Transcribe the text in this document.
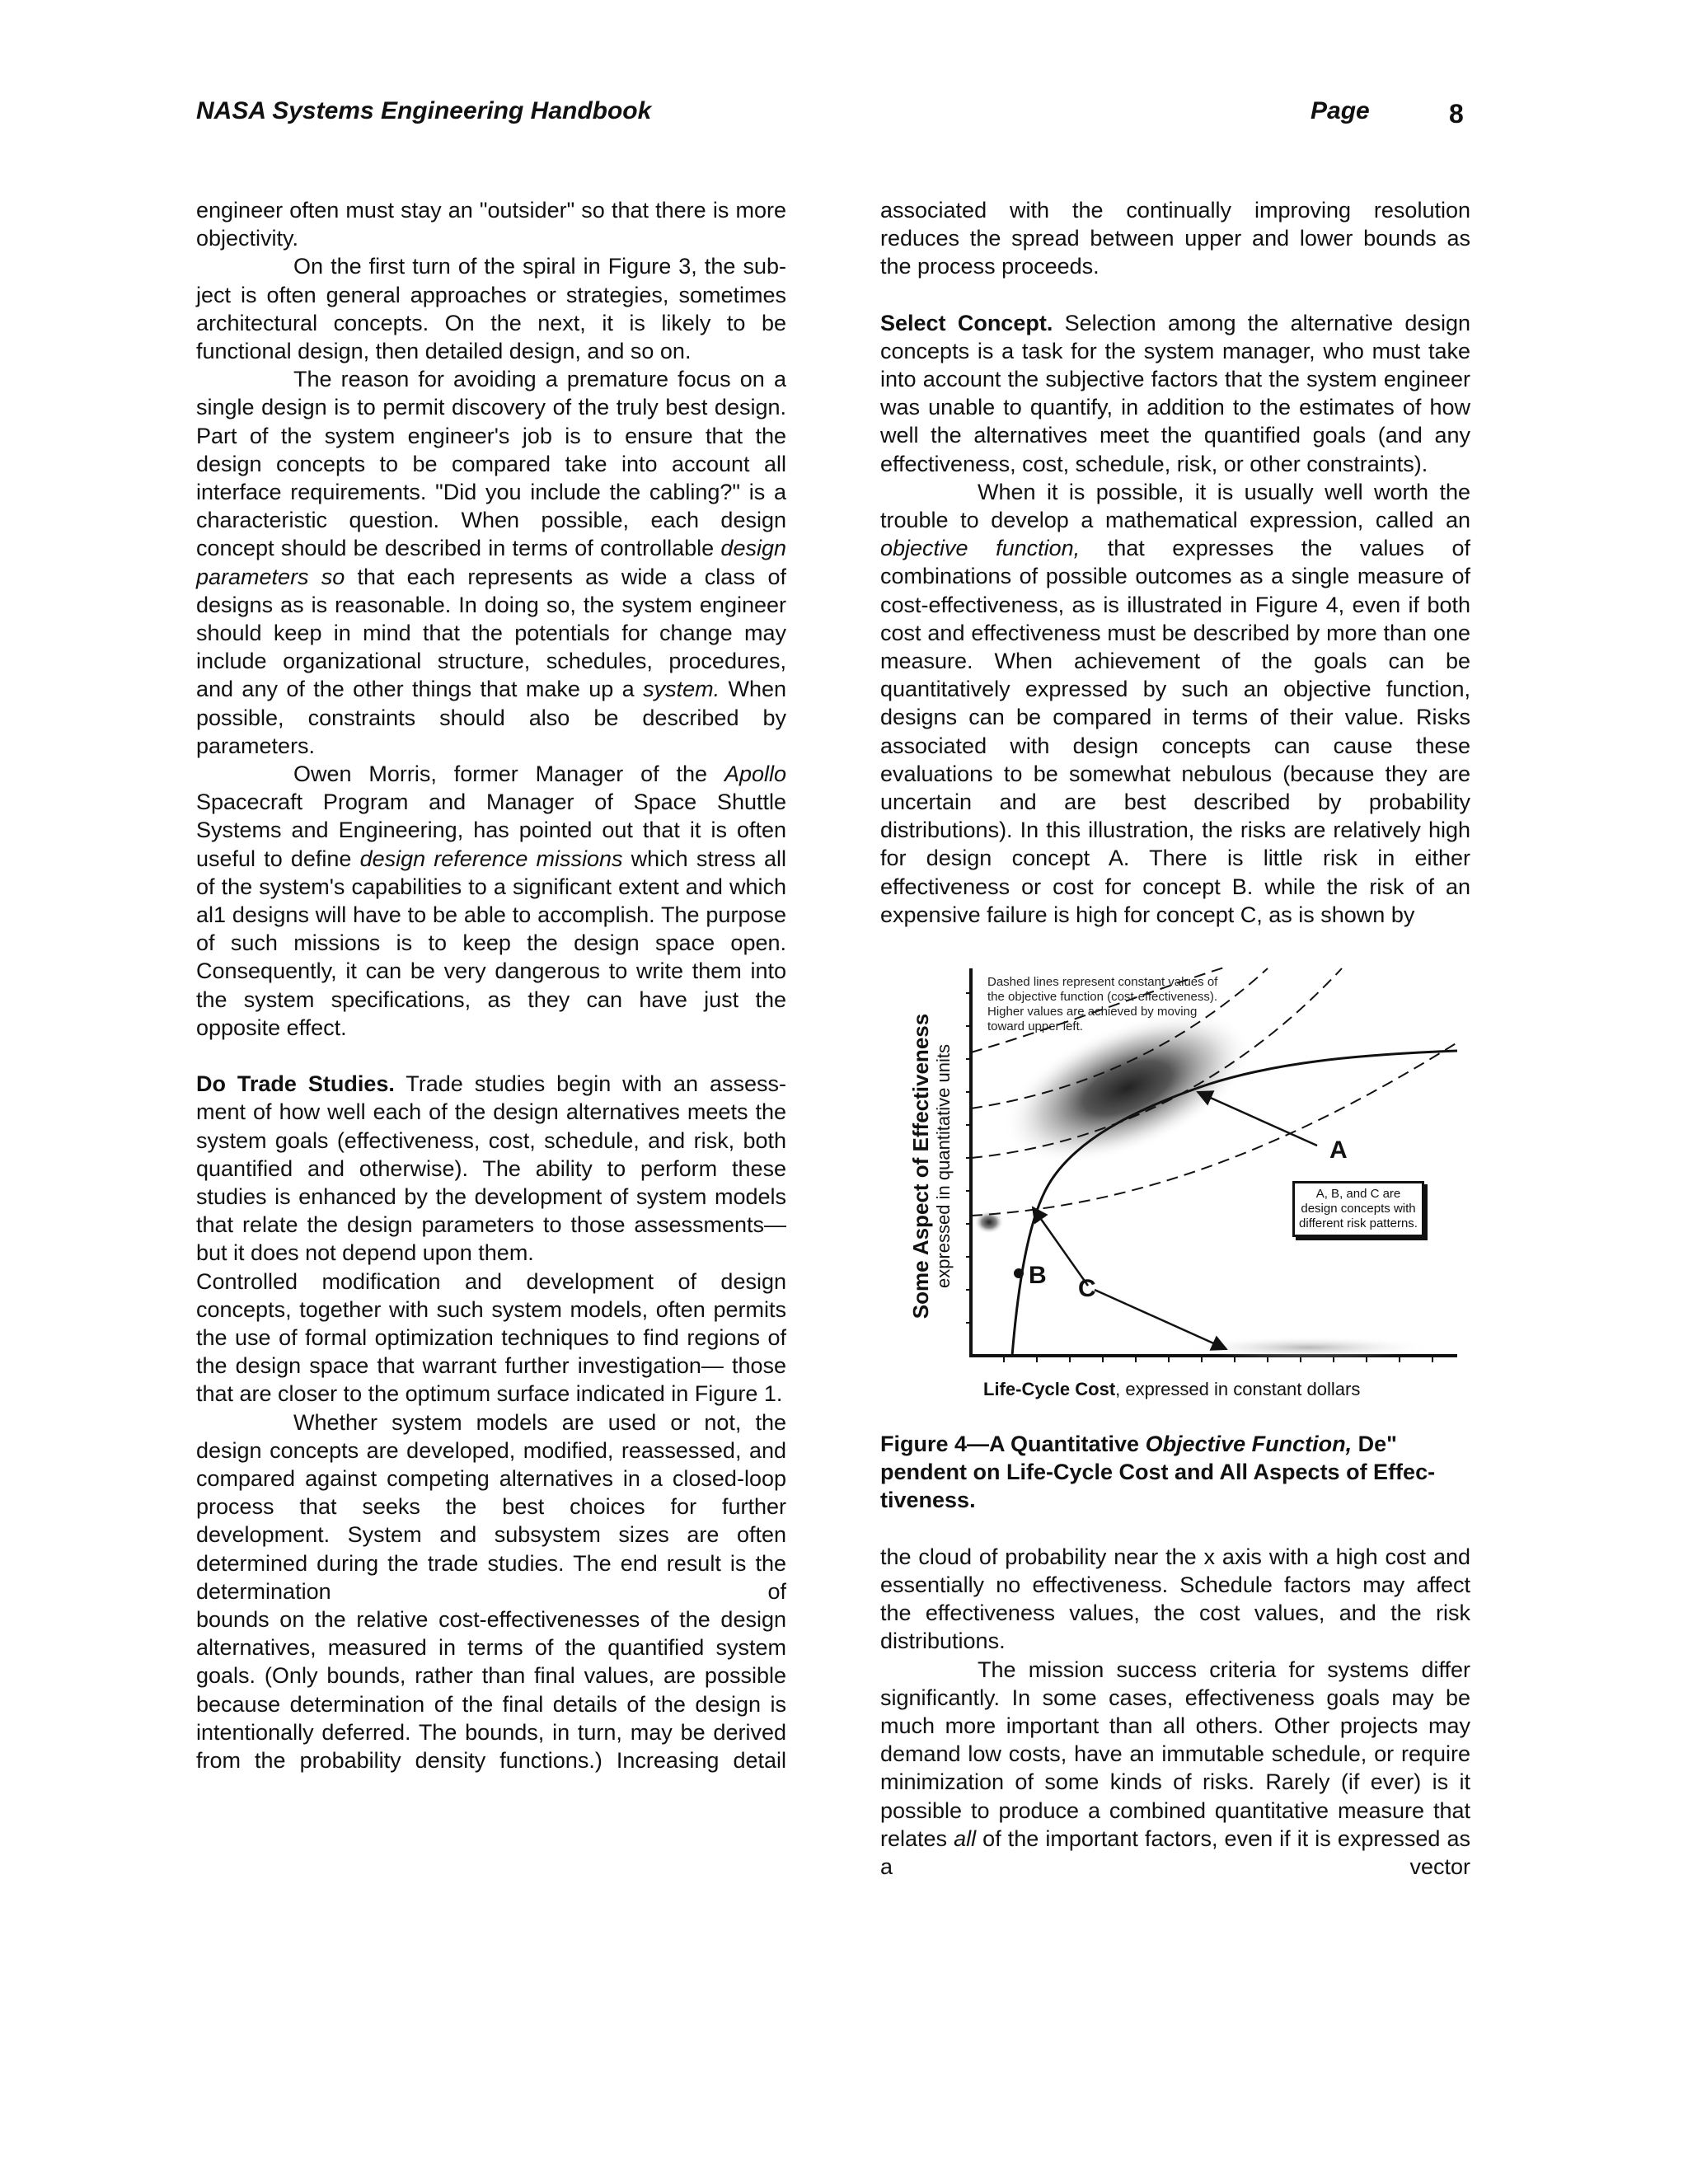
NASA Systems Engineering Handbook	Page	8

engineer often must stay an "outsider" so that there is more objectivity.

On the first turn of the spiral in Figure 3, the sub-ject is often general approaches or strategies, sometimes architectural concepts. On the next, it is likely to be functional design, then detailed design, and so on.

The reason for avoiding a premature focus on a single design is to permit discovery of the truly best design. Part of the system engineer's job is to ensure that the design concepts to be compared take into account all interface requirements. "Did you include the cabling?" is a characteristic question. When possible, each design concept should be described in terms of controllable design parameters so that each represents as wide a class of designs as is reasonable. In doing so, the system engineer should keep in mind that the potentials for change may include organizational structure, schedules, procedures, and any of the other things that make up a system. When possible, constraints should also be described by parameters.

Owen Morris, former Manager of the Apollo Spacecraft Program and Manager of Space Shuttle Systems and Engineering, has pointed out that it is often useful to define design reference missions which stress all of the system's capabilities to a significant extent and which al1 designs will have to be able to accomplish. The purpose of such missions is to keep the design space open. Consequently, it can be very dangerous to write them into the system specifications, as they can have just the opposite effect.

Do Trade Studies. Trade studies begin with an assess-ment of how well each of the design alternatives meets the system goals (effectiveness, cost, schedule, and risk, both quantified and otherwise). The ability to perform these studies is enhanced by the development of system models that relate the design parameters to those assessments—but it does not depend upon them.

Controlled modification and development of design concepts, together with such system models, often permits the use of formal optimization techniques to find regions of the design space that warrant further investigation— those that are closer to the optimum surface indicated in Figure 1.

Whether system models are used or not, the design concepts are developed, modified, reassessed, and compared against competing alternatives in a closed-loop process that seeks the best choices for further development. System and subsystem sizes are often determined during the trade studies. The end result is the determination of

bounds on the relative cost-effectivenesses of the design alternatives, measured in terms of the quantified system goals. (Only bounds, rather than final values, are possible because determination of the final details of the design is intentionally deferred. The bounds, in turn, may be derived from the probability density functions.) Increasing detail

associated with the continually improving resolution reduces the spread between upper and lower bounds as the process proceeds.

Select Concept. Selection among the alternative design concepts is a task for the system manager, who must take into account the subjective factors that the system engineer was unable to quantify, in addition to the estimates of how well the alternatives meet the quantified goals (and any effectiveness, cost, schedule, risk, or other constraints).

When it is possible, it is usually well worth the trouble to develop a mathematical expression, called an objective function, that expresses the values of combinations of possible outcomes as a single measure of cost-effectiveness, as is illustrated in Figure 4, even if both cost and effectiveness must be described by more than one measure. When achievement of the goals can be quantitatively expressed by such an objective function, designs can be compared in terms of their value. Risks associated with design concepts can cause these evaluations to be somewhat nebulous (because they are uncertain and are best described by probability distributions). In this illustration, the risks are relatively high for design concept A. There is little risk in either effectiveness or cost for concept B. while the risk of an expensive failure is high for concept C, as is shown by

A
B C
Some Aspect of Effectiveness expressed in quantitative units
Life-Cycle Cost, expressed in constant dollars
Dashed lines represent constant values of the objective function (cost-effectiveness). Higher values are achieved by moving toward upper left.
A, B, and C are design concepts with different risk patterns.

Figure 4—A Quantitative Objective Function, De" pendent on Life-Cycle Cost and All Aspects of Effec-tiveness.

the cloud of probability near the x axis with a high cost and essentially no effectiveness. Schedule factors may affect the effectiveness values, the cost values, and the risk distributions.

The mission success criteria for systems differ significantly. In some cases, effectiveness goals may be much more important than all others. Other projects may demand low costs, have an immutable schedule, or require minimization of some kinds of risks. Rarely (if ever) is it possible to produce a combined quantitative measure that relates all of the important factors, even if it is expressed as a vector
